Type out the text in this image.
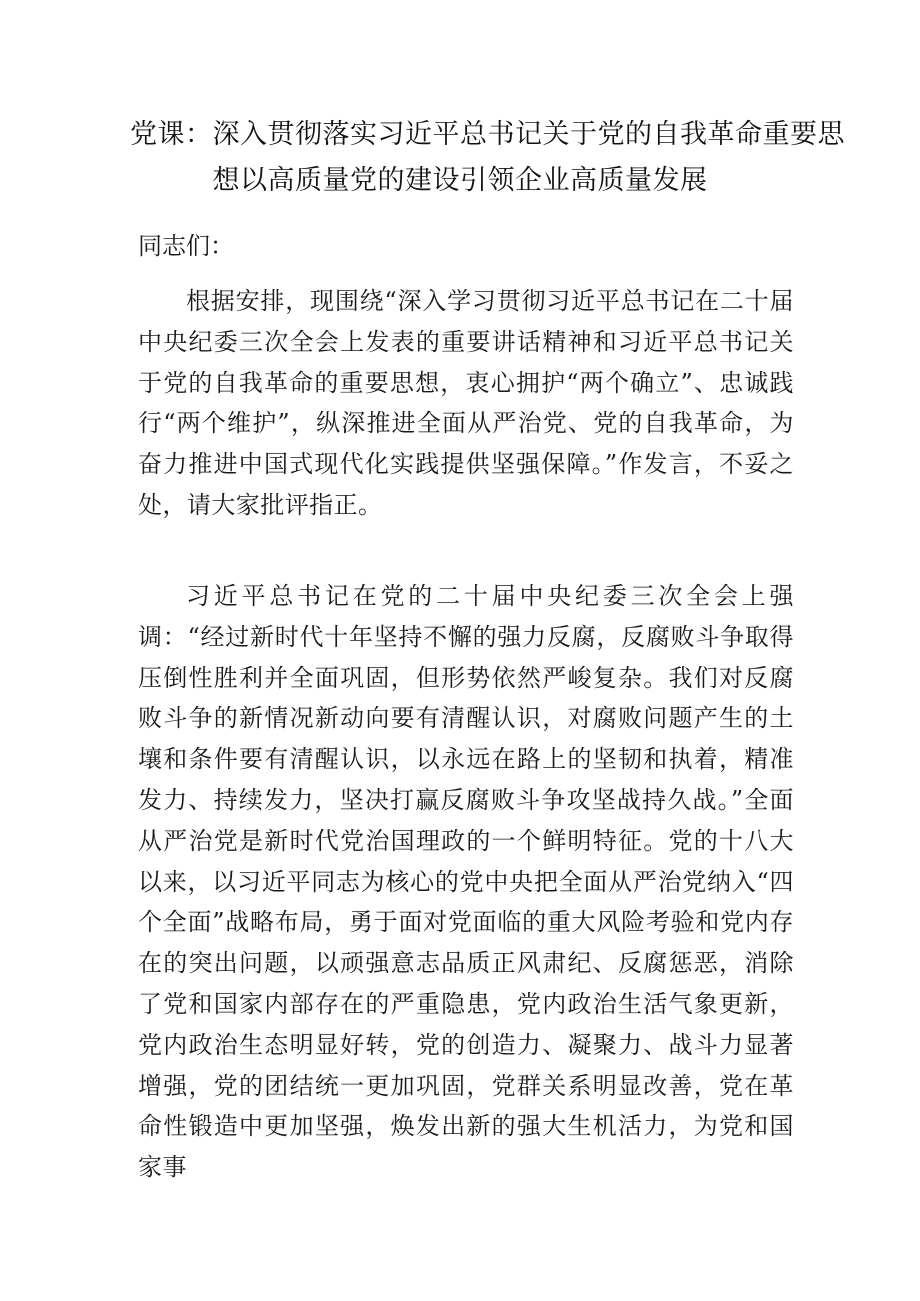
党课：深入贯彻落实习近平总书记关于党的自我革命重要思
想以高质量党的建设引领企业高质量发展

同志们：

根据安排，现围绕“深入学习贯彻习近平总书记在二十届中央纪委三次全会上发表的重要讲话精神和习近平总书记关于党的自我革命的重要思想，衷心拥护“两个确立”、忠诚践行“两个维护”，纵深推进全面从严治党、党的自我革命，为奋力推进中国式现代化实践提供坚强保障。”作发言，不妥之处，请大家批评指正。

习近平总书记在党的二十届中央纪委三次全会上强调：“经过新时代十年坚持不懈的强力反腐，反腐败斗争取得压倒性胜利并全面巩固，但形势依然严峻复杂。我们对反腐败斗争的新情况新动向要有清醒认识，对腐败问题产生的土壤和条件要有清醒认识，以永远在路上的坚韧和执着，精准发力、持续发力，坚决打赢反腐败斗争攻坚战持久战。”全面从严治党是新时代党治国理政的一个鲜明特征。党的十八大以来，以习近平同志为核心的党中央把全面从严治党纳入“四个全面”战略布局，勇于面对党面临的重大风险考验和党内存在的突出问题，以顽强意志品质正风肃纪、反腐惩恶，消除了党和国家内部存在的严重隐患，党内政治生活气象更新，党内政治生态明显好转，党的创造力、凝聚力、战斗力显著增强，党的团结统一更加巩固，党群关系明显改善，党在革命性锻造中更加坚强，焕发出新的强大生机活力，为党和国家事
